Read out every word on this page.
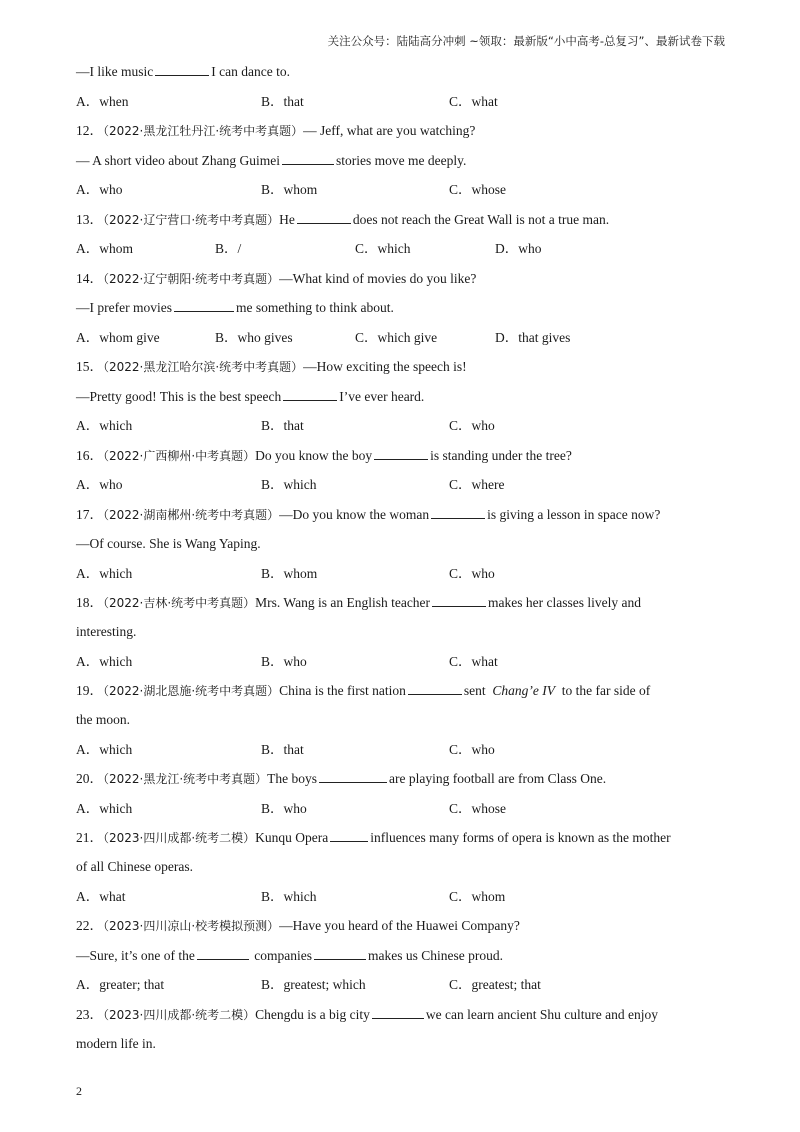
关注公众号：陆陆高分冲刺 ~领取：最新版“小中高考-总复习”、最新试卷下载
—I like music	I can dance to.
A．when	B．that	C．what
12．（2022·黑龙江牡丹江·统考中考真题）— Jeff, what are you watching?
— A short video about Zhang Guimei	stories move me deeply.
A．who	B．whom	C．whose
13．（2022·辽宁营口·统考中考真题）He	does not reach the Great Wall is not a true man.
A．whom	B．/	C．which	D．who
14．（2022·辽宁朝阳·统考中考真题）—What kind of movies do you like?
—I prefer movies	me something to think about.
A．whom give	B．who gives	C．which give	D．that gives
15．（2022·黑龙江哈尔滨·统考中考真题）—How exciting the speech is!
—Pretty good! This is the best speech	I’ve ever heard.
A．which	B．that	C．who
16．（2022·广西柳州·中考真题）Do you know the boy	is standing under the tree?
A．who	B．which	C．where
17．（2022·湖南郴州·统考中考真题）—Do you know the woman	is giving a lesson in space now?
—Of course. She is Wang Yaping.
A．which	B．whom	C．who
18．（2022·吉林·统考中考真题）Mrs. Wang is an English teacher	makes her classes lively and
interesting.
A．which	B．who	C．what
19．（2022·湖北恩施·统考中考真题）China is the first nation	sent Chang’e IV to the far side of
the moon.
A．which	B．that	C．who
20．（2022·黑龙江·统考中考真题）The boys	are playing football are from Class One.
A．which	B．who	C．whose
21．（2023·四川成都·统考二模）Kunqu Opera	influences many forms of opera is known as the mother
of all Chinese operas.
A．what	B．which	C．whom
22．（2023·四川凉山·校考模拟预测）—Have you heard of the Huawei Company?
—Sure, it’s one of the	companies	makes us Chinese proud.
A．greater; that	B．greatest; which	C．greatest; that
23．（2023·四川成都·统考二模）Chengdu is a big city	we can learn ancient Shu culture and enjoy
modern life in.
2
